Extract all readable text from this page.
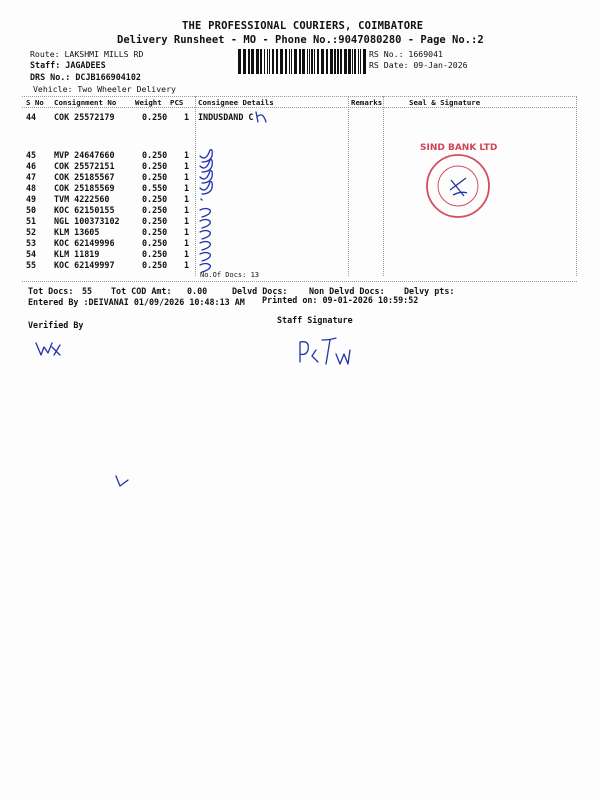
THE PROFESSIONAL COURIERS, COIMBATORE
Delivery Runsheet - MO - Phone No.:9047080280 - Page No.:2
Route: LAKSHMI MILLS RD
Staff: JAGADEES
DRS No.: DCJB166904102
Vehicle: Two Wheeler Delivery
RS No.: 1669041
RS Date: 09-Jan-2026
S No Consignment No	Weight PCS Consignee Details	Remarks	Seal & Signature
44 COK 25572179	0.250 1 INDUSDAND C
45 MVP 24647660	0.250 1
46 COK 25572151	0.250 1
47 COK 25185567	0.250 1
48 COK 25185569	0.550 1
49 TVM 4222560	0.250 1
50 KOC 62150155	0.250 1
51 NGL 100373102	0.250 1
52 KLM 13605	0.250 1
53 KOC 62149996	0.250 1
54 KLM 11819	0.250 1
55 KOC 62149997	0.250 1
No.Of Docs: 13
SIND BANK LTD
Tot Docs: 55 Tot COD Amt: 0.00	Delvd Docs:	Non Delvd Docs: Delvy pts:
Entered By :DEIVANAI 01/09/2026 10:48:13 AM Printed on: 09-01-2026 10:59:52
Verified By	Staff Signature
